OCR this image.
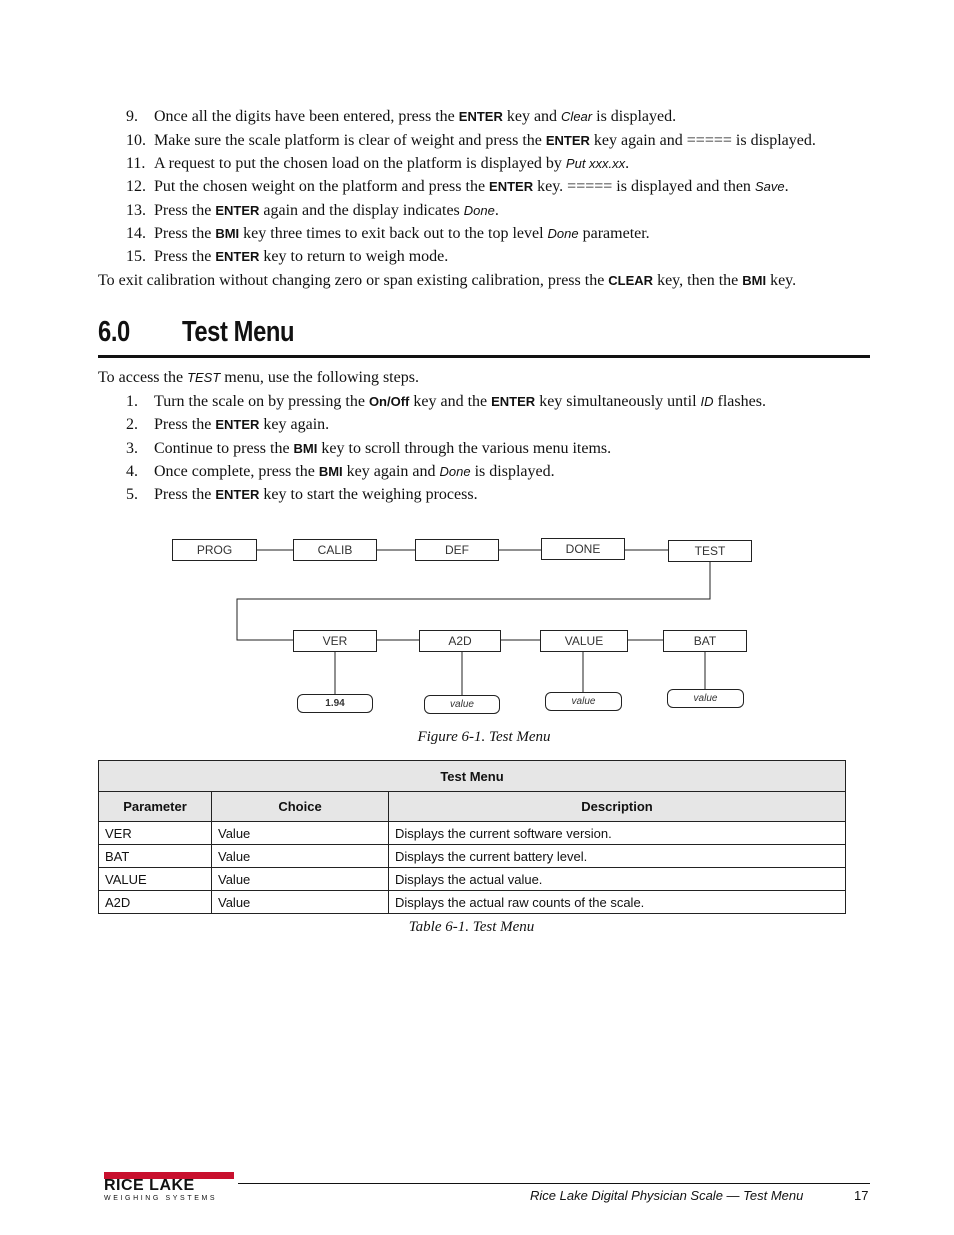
9.	Once all the digits have been entered, press the ENTER key and Clear is displayed.
10. Make sure the scale platform is clear of weight and press the ENTER key again and ===== is displayed.
11. A request to put the chosen load on the platform is displayed by Put xxx.xx.
12. Put the chosen weight on the platform and press the ENTER key. ===== is displayed and then Save.
13. Press the ENTER again and the display indicates Done.
14. Press the BMI key three times to exit back out to the top level Done parameter.
15. Press the ENTER key to return to weigh mode.
To exit calibration without changing zero or span existing calibration, press the CLEAR key, then the BMI key.
6.0 Test Menu
To access the TEST menu, use the following steps.
1.	Turn the scale on by pressing the On/Off key and the ENTER key simultaneously until ID flashes.
2.	Press the ENTER key again.
3.	Continue to press the BMI key to scroll through the various menu items.
4.	Once complete, press the BMI key again and Done is displayed.
5.	Press the ENTER key to start the weighing process.
PROG	CALIB	DEF	DONE	TEST
VER	A2D	VALUE	BAT
1.94	value	value	value
Figure 6-1. Test Menu
Test Menu		
Parameter	Choice	Description
VER	Value	Displays the current software version.
BAT	Value	Displays the current battery level.
VALUE	Value	Displays the actual value.
A2D	Value	Displays the actual raw counts of the scale.
Table 6-1. Test Menu
RICE LAKE
WEIGHING SYSTEMS	Rice Lake Digital Physician Scale — Test Menu	17
